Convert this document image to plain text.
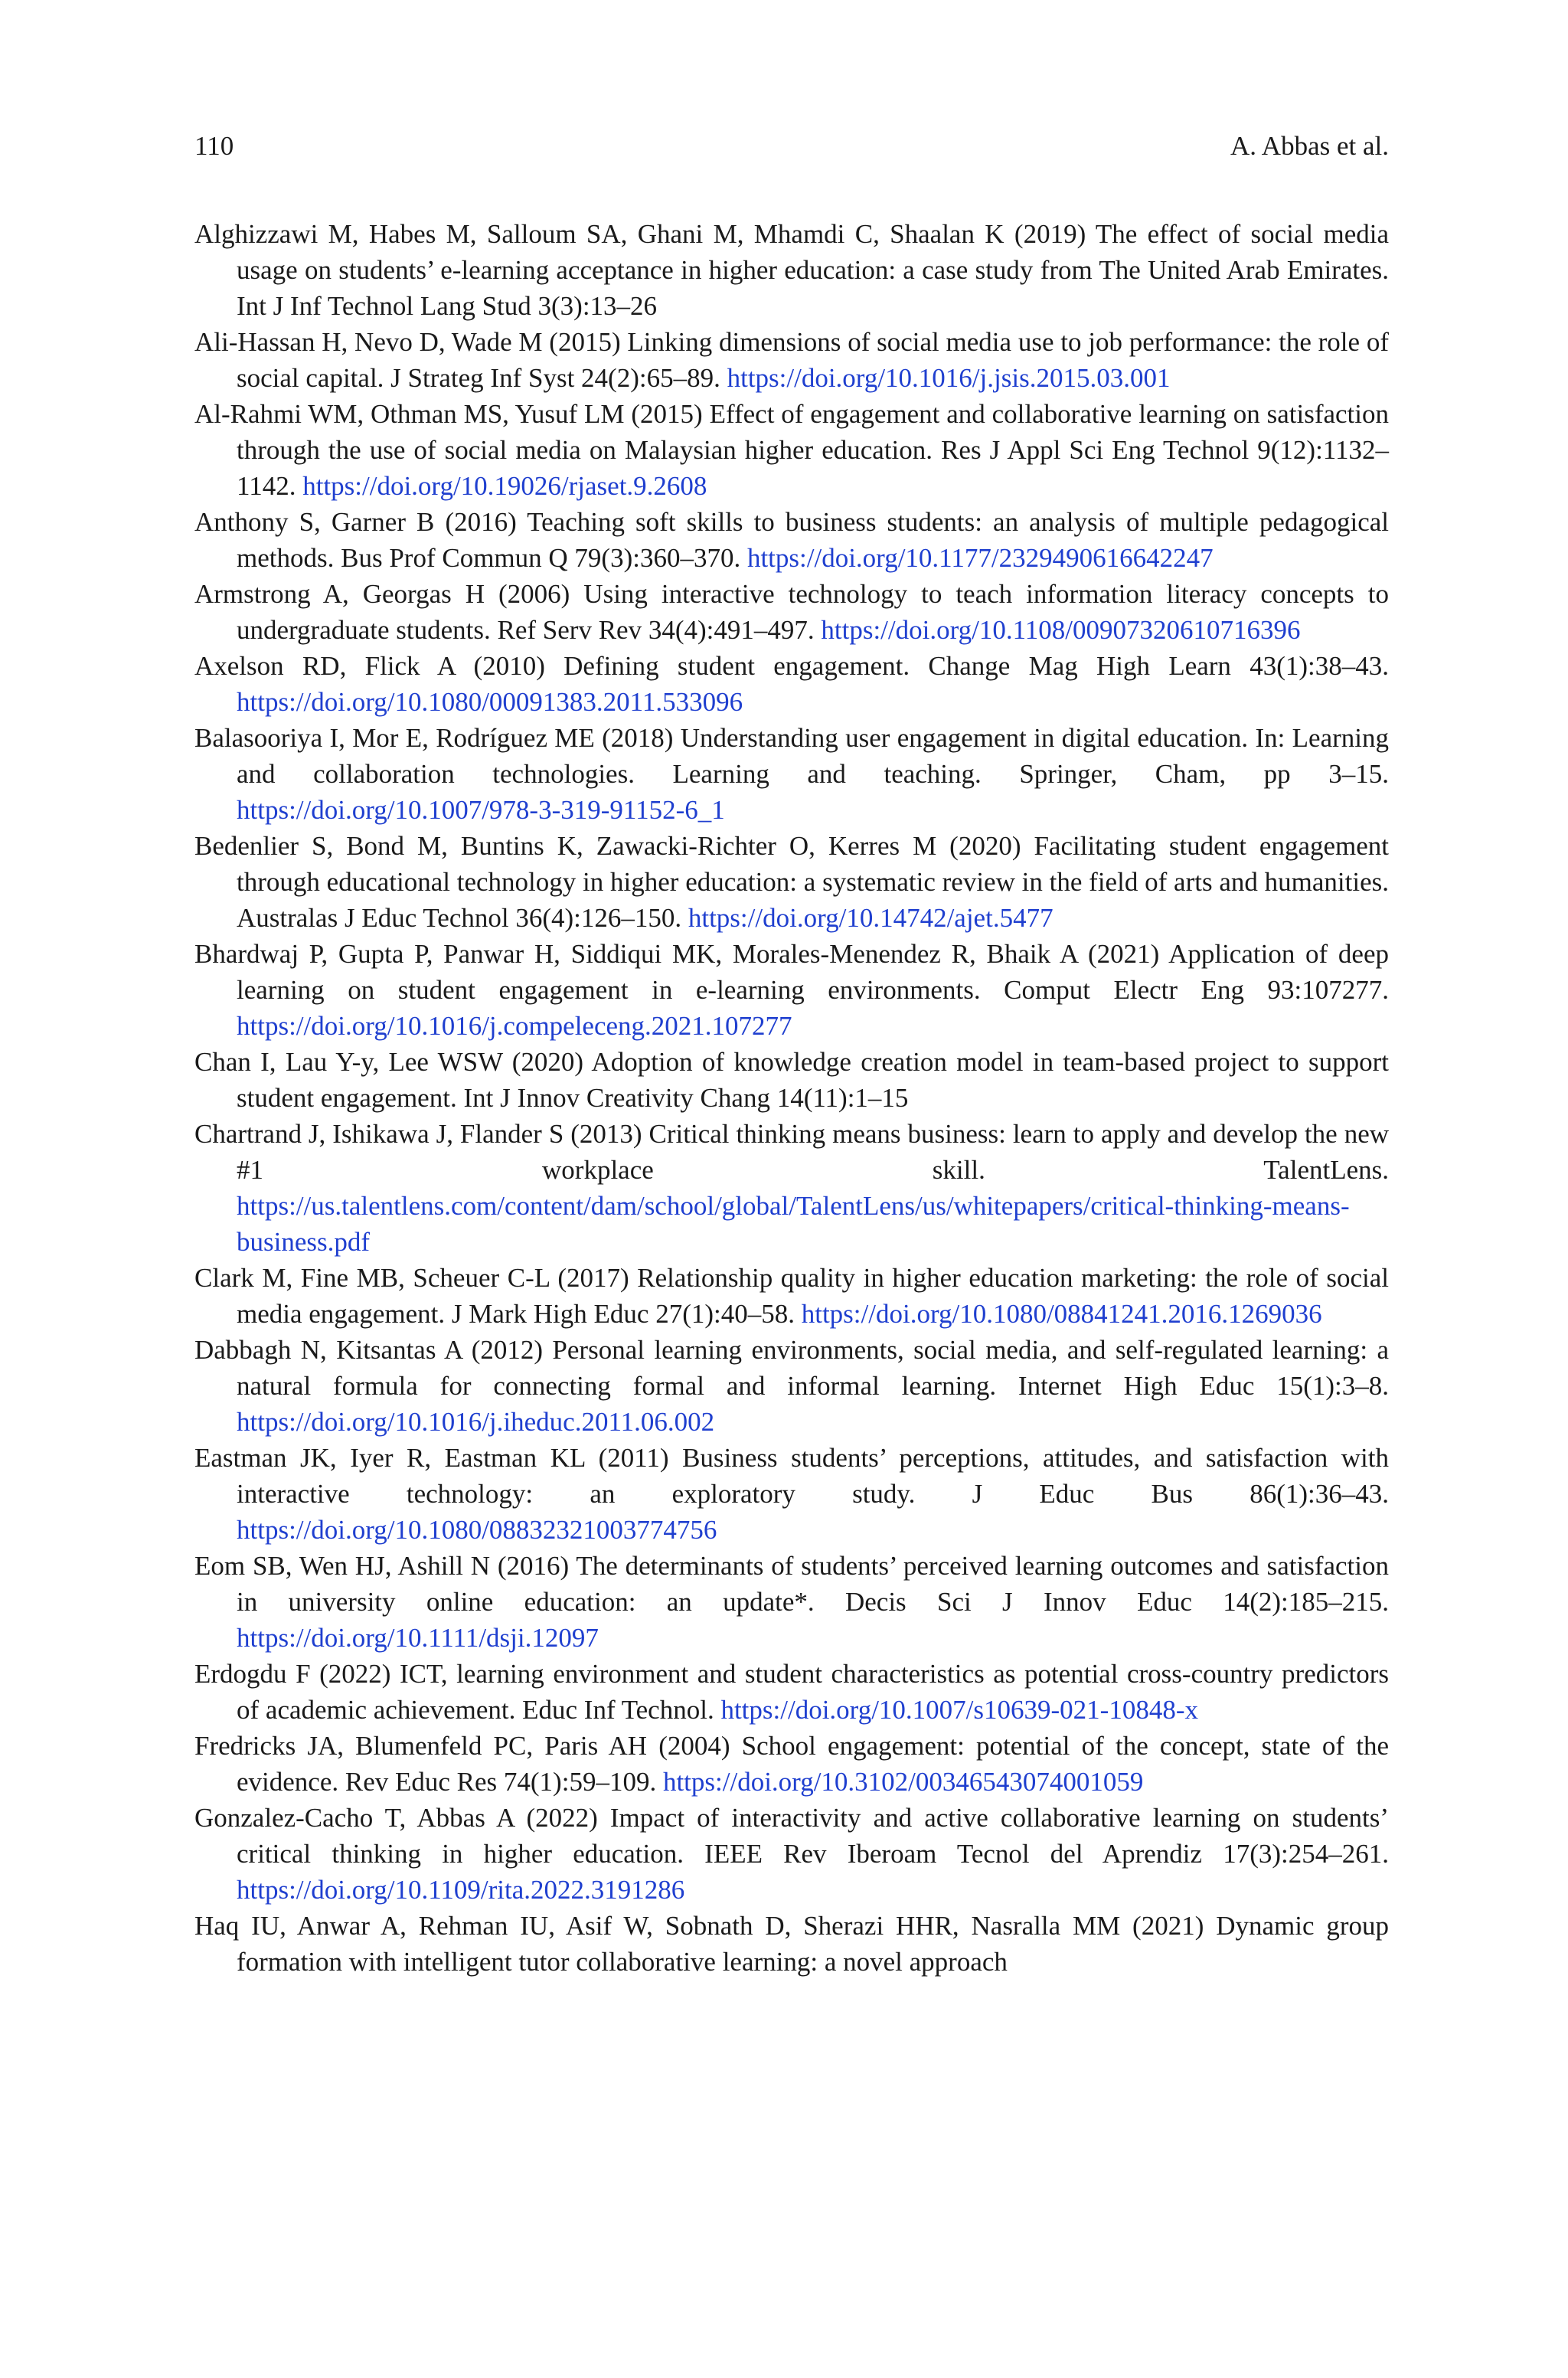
110	A. Abbas et al.
Alghizzawi M, Habes M, Salloum SA, Ghani M, Mhamdi C, Shaalan K (2019) The effect of social media usage on students’ e-learning acceptance in higher education: a case study from The United Arab Emirates. Int J Inf Technol Lang Stud 3(3):13–26
Ali-Hassan H, Nevo D, Wade M (2015) Linking dimensions of social media use to job performance: the role of social capital. J Strateg Inf Syst 24(2):65–89. https://doi.org/10.1016/j.jsis.2015.03.001
Al-Rahmi WM, Othman MS, Yusuf LM (2015) Effect of engagement and collaborative learning on satisfaction through the use of social media on Malaysian higher education. Res J Appl Sci Eng Technol 9(12):1132–1142. https://doi.org/10.19026/rjaset.9.2608
Anthony S, Garner B (2016) Teaching soft skills to business students: an analysis of multiple pedagogical methods. Bus Prof Commun Q 79(3):360–370. https://doi.org/10.1177/2329490616642247
Armstrong A, Georgas H (2006) Using interactive technology to teach information literacy concepts to undergraduate students. Ref Serv Rev 34(4):491–497. https://doi.org/10.1108/00907320610716396
Axelson RD, Flick A (2010) Defining student engagement. Change Mag High Learn 43(1):38–43. https://doi.org/10.1080/00091383.2011.533096
Balasooriya I, Mor E, Rodríguez ME (2018) Understanding user engagement in digital education. In: Learning and collaboration technologies. Learning and teaching. Springer, Cham, pp 3–15. https://doi.org/10.1007/978-3-319-91152-6_1
Bedenlier S, Bond M, Buntins K, Zawacki-Richter O, Kerres M (2020) Facilitating student engagement through educational technology in higher education: a systematic review in the field of arts and humanities. Australas J Educ Technol 36(4):126–150. https://doi.org/10.14742/ajet.5477
Bhardwaj P, Gupta P, Panwar H, Siddiqui MK, Morales-Menendez R, Bhaik A (2021) Application of deep learning on student engagement in e-learning environments. Comput Electr Eng 93:107277. https://doi.org/10.1016/j.compeleceng.2021.107277
Chan I, Lau Y-y, Lee WSW (2020) Adoption of knowledge creation model in team-based project to support student engagement. Int J Innov Creativity Chang 14(11):1–15
Chartrand J, Ishikawa J, Flander S (2013) Critical thinking means business: learn to apply and develop the new #1 workplace skill. TalentLens. https://us.talentlens.com/content/dam/school/global/TalentLens/us/whitepapers/critical-thinking-means-business.pdf
Clark M, Fine MB, Scheuer C-L (2017) Relationship quality in higher education marketing: the role of social media engagement. J Mark High Educ 27(1):40–58. https://doi.org/10.1080/08841241.2016.1269036
Dabbagh N, Kitsantas A (2012) Personal learning environments, social media, and self-regulated learning: a natural formula for connecting formal and informal learning. Internet High Educ 15(1):3–8. https://doi.org/10.1016/j.iheduc.2011.06.002
Eastman JK, Iyer R, Eastman KL (2011) Business students’ perceptions, attitudes, and satisfaction with interactive technology: an exploratory study. J Educ Bus 86(1):36–43. https://doi.org/10.1080/08832321003774756
Eom SB, Wen HJ, Ashill N (2016) The determinants of students’ perceived learning outcomes and satisfaction in university online education: an update*. Decis Sci J Innov Educ 14(2):185–215. https://doi.org/10.1111/dsji.12097
Erdogdu F (2022) ICT, learning environment and student characteristics as potential cross-country predictors of academic achievement. Educ Inf Technol. https://doi.org/10.1007/s10639-021-10848-x
Fredricks JA, Blumenfeld PC, Paris AH (2004) School engagement: potential of the concept, state of the evidence. Rev Educ Res 74(1):59–109. https://doi.org/10.3102/00346543074001059
Gonzalez-Cacho T, Abbas A (2022) Impact of interactivity and active collaborative learning on students’ critical thinking in higher education. IEEE Rev Iberoam Tecnol del Aprendiz 17(3):254–261. https://doi.org/10.1109/rita.2022.3191286
Haq IU, Anwar A, Rehman IU, Asif W, Sobnath D, Sherazi HHR, Nasralla MM (2021) Dynamic group formation with intelligent tutor collaborative learning: a novel approach
